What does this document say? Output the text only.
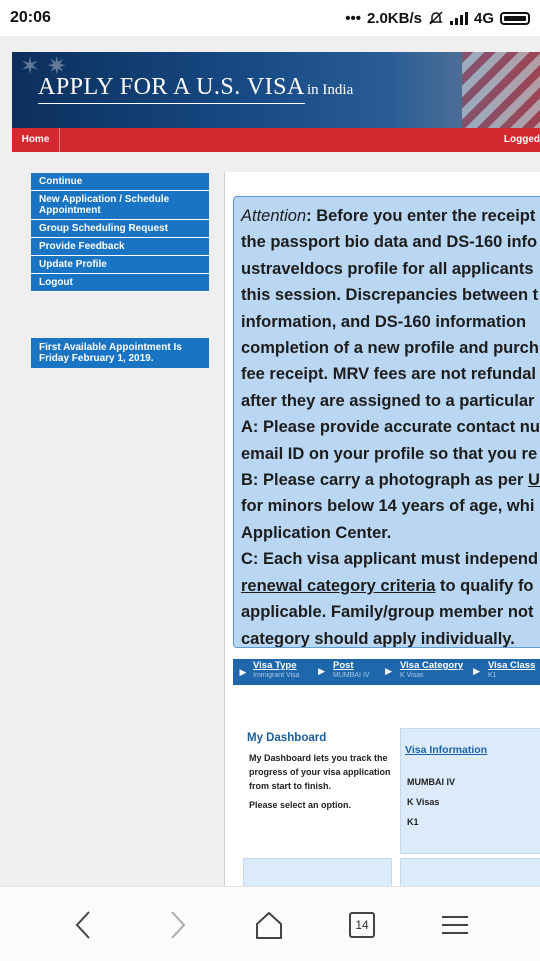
20:06	••• 2.0KB/s	4G
✶ ✷
APPLY FOR A U.S. VISA in India
Home	Logged
Continue
New Application / Schedule Appointment
Group Scheduling Request
Provide Feedback
Update Profile
Logout
First Available Appointment Is Friday February 1, 2019.
Attention: Before you enter the receipt
the passport bio data and DS-160 info
ustraveldocs profile for all applicants
this session. Discrepancies between t
information, and DS-160 information
completion of a new profile and purch
fee receipt. MRV fees are not refundal
after they are assigned to a particular
A: Please provide accurate contact nu
email ID on your profile so that you re
B: Please carry a photograph as per U
for minors below 14 years of age, whi
Application Center.
C: Each visa applicant must independ
renewal category criteria to qualify fo
applicable. Family/group member not
category should apply individually.
▶
Visa Type
Immigrant Visa	▶ Post
MUMBAI IV	▶ Visa Category
K Visas	▶ Visa Class
K1
My Dashboard
My Dashboard lets you track the progress of your visa application from start to finish.
Please select an option.
Visa Information
MUMBAI IV
K Visas
K1
14
